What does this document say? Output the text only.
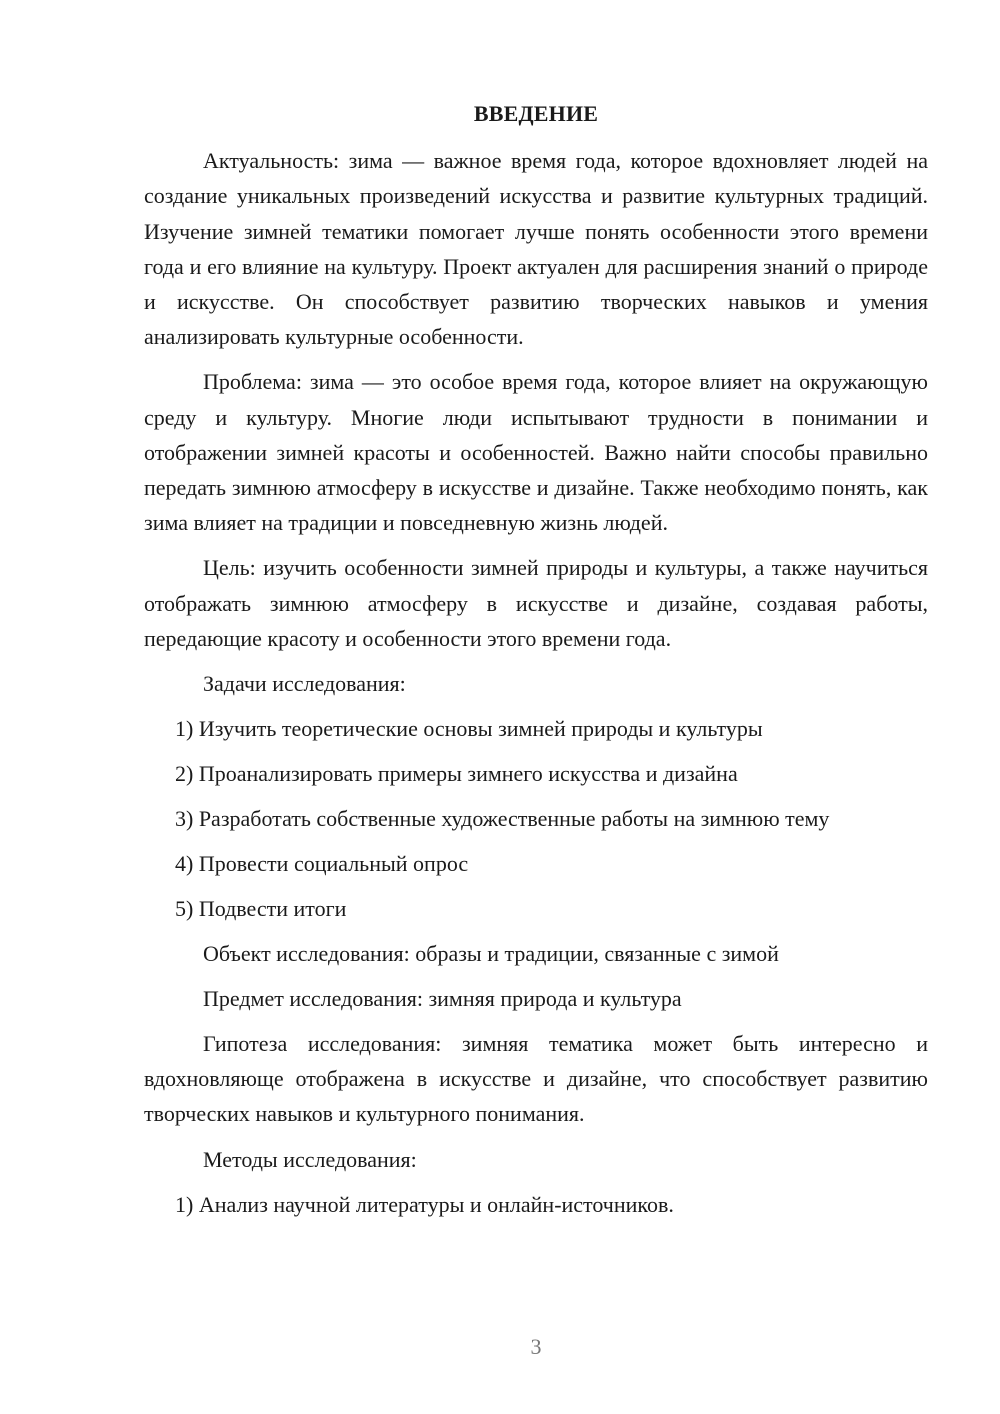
ВВЕДЕНИЕ

Актуальность: зима — важное время года, которое вдохновляет людей на создание уникальных произведений искусства и развитие культурных традиций. Изучение зимней тематики помогает лучше понять особенности этого времени года и его влияние на культуру. Проект актуален для расширения знаний о природе и искусстве. Он способствует развитию творческих навыков и умения анализировать культурные особенности.

Проблема: зима — это особое время года, которое влияет на окружающую среду и культуру. Многие люди испытывают трудности в понимании и отображении зимней красоты и особенностей. Важно найти способы правильно передать зимнюю атмосферу в искусстве и дизайне. Также необходимо понять, как зима влияет на традиции и повседневную жизнь людей.

Цель: изучить особенности зимней природы и культуры, а также научиться отображать зимнюю атмосферу в искусстве и дизайне, создавая работы, передающие красоту и особенности этого времени года.

Задачи исследования:

1) Изучить теоретические основы зимней природы и культуры

2) Проанализировать примеры зимнего искусства и дизайна

3) Разработать собственные художественные работы на зимнюю тему

4) Провести социальный опрос

5) Подвести итоги

Объект исследования: образы и традиции, связанные с зимой

Предмет исследования: зимняя природа и культура

Гипотеза исследования: зимняя тематика может быть интересно и вдохновляюще отображена в искусстве и дизайне, что способствует развитию творческих навыков и культурного понимания.

Методы исследования:

1) Анализ научной литературы и онлайн-источников.

3
